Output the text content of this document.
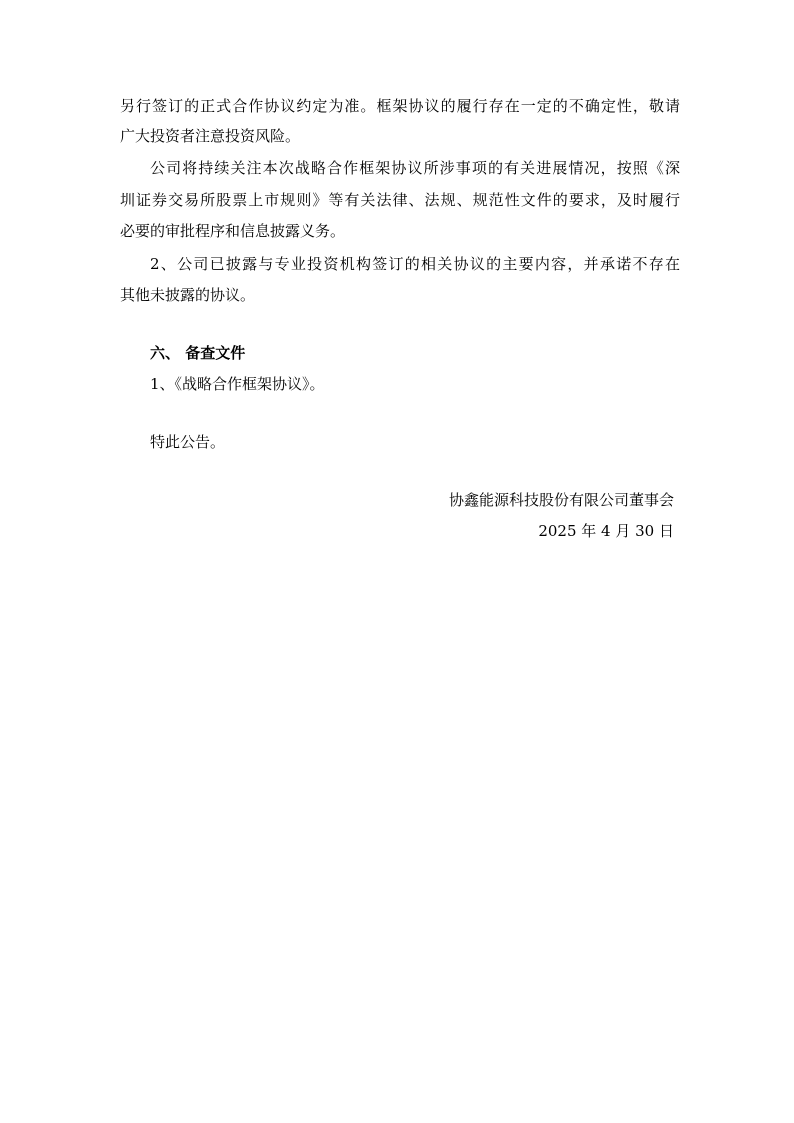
另行签订的正式合作协议约定为准。框架协议的履行存在一定的不确定性，敬请
广大投资者注意投资风险。
公司将持续关注本次战略合作框架协议所涉事项的有关进展情况，按照《深
圳证券交易所股票上市规则》等有关法律、法规、规范性文件的要求，及时履行
必要的审批程序和信息披露义务。
2、公司已披露与专业投资机构签订的相关协议的主要内容，并承诺不存在
其他未披露的协议。
六、 备查文件
1、《战略合作框架协议》。
特此公告。
协鑫能源科技股份有限公司董事会
2025 年 4 月 30 日
